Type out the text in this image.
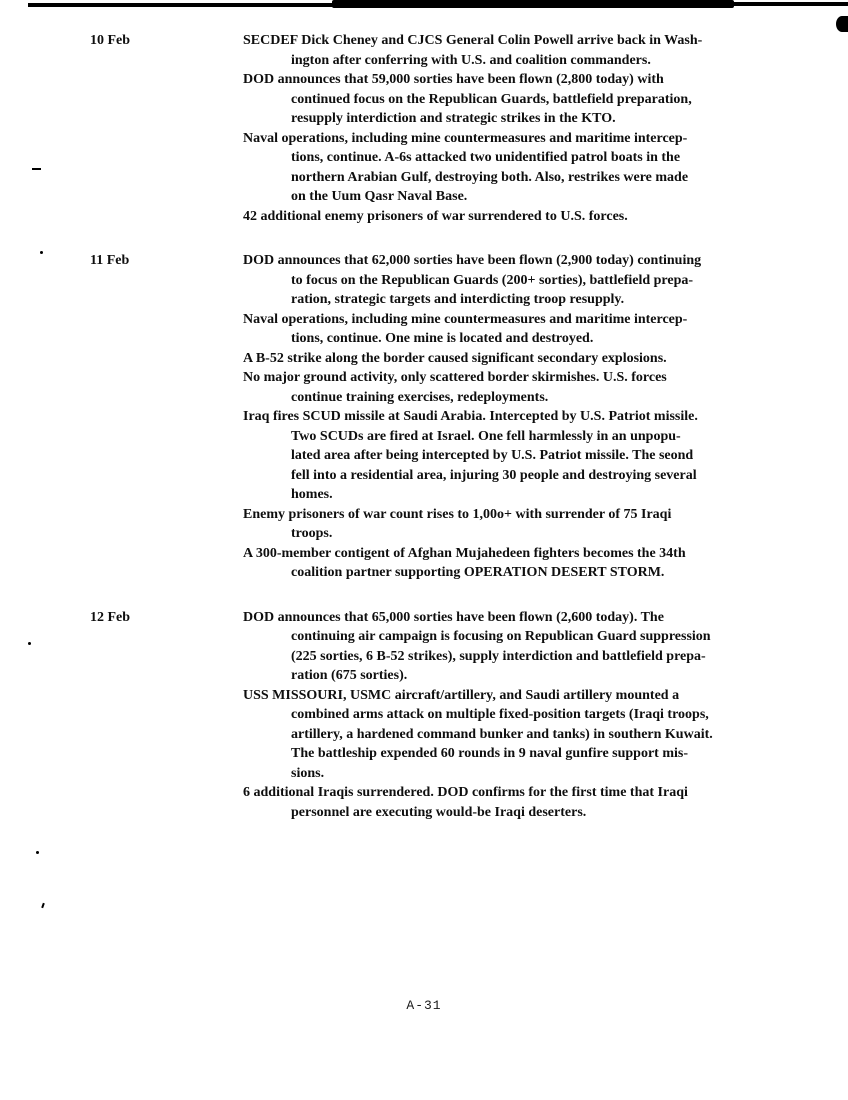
10 Feb	SECDEF Dick Cheney and CJCS General Colin Powell arrive back in Wash-
ington after conferring with U.S. and coalition commanders.
DOD announces that 59,000 sorties have been flown (2,800 today) with
continued focus on the Republican Guards, battlefield preparation,
resupply interdiction and strategic strikes in the KTO.
Naval operations, including mine countermeasures and maritime intercep-
tions, continue. A-6s attacked two unidentified patrol boats in the
northern Arabian Gulf, destroying both. Also, restrikes were made
on the Uum Qasr Naval Base.
42 additional enemy prisoners of war surrendered to U.S. forces.
11 Feb	DOD announces that 62,000 sorties have been flown (2,900 today) continuing
to focus on the Republican Guards (200+ sorties), battlefield prepa-
ration, strategic targets and interdicting troop resupply.
Naval operations, including mine countermeasures and maritime intercep-
tions, continue. One mine is located and destroyed.
A B-52 strike along the border caused significant secondary explosions.
No major ground activity, only scattered border skirmishes. U.S. forces
continue training exercises, redeployments.
Iraq fires SCUD missile at Saudi Arabia. Intercepted by U.S. Patriot missile.
Two SCUDs are fired at Israel. One fell harmlessly in an unpopu-
lated area after being intercepted by U.S. Patriot missile. The seond
fell into a residential area, injuring 30 people and destroying several
homes.
Enemy prisoners of war count rises to 1,00o+ with surrender of 75 Iraqi
troops.
A 300-member contigent of Afghan Mujahedeen fighters becomes the 34th
coalition partner supporting OPERATION DESERT STORM.
12 Feb	DOD announces that 65,000 sorties have been flown (2,600 today). The
continuing air campaign is focusing on Republican Guard suppression
(225 sorties, 6 B-52 strikes), supply interdiction and battlefield prepa-
ration (675 sorties).
USS MISSOURI, USMC aircraft/artillery, and Saudi artillery mounted a
combined arms attack on multiple fixed-position targets (Iraqi troops,
artillery, a hardened command bunker and tanks) in southern Kuwait.
The battleship expended 60 rounds in 9 naval gunfire support mis-
sions.
6 additional Iraqis surrendered. DOD confirms for the first time that Iraqi
personnel are executing would-be Iraqi deserters.
A-31
